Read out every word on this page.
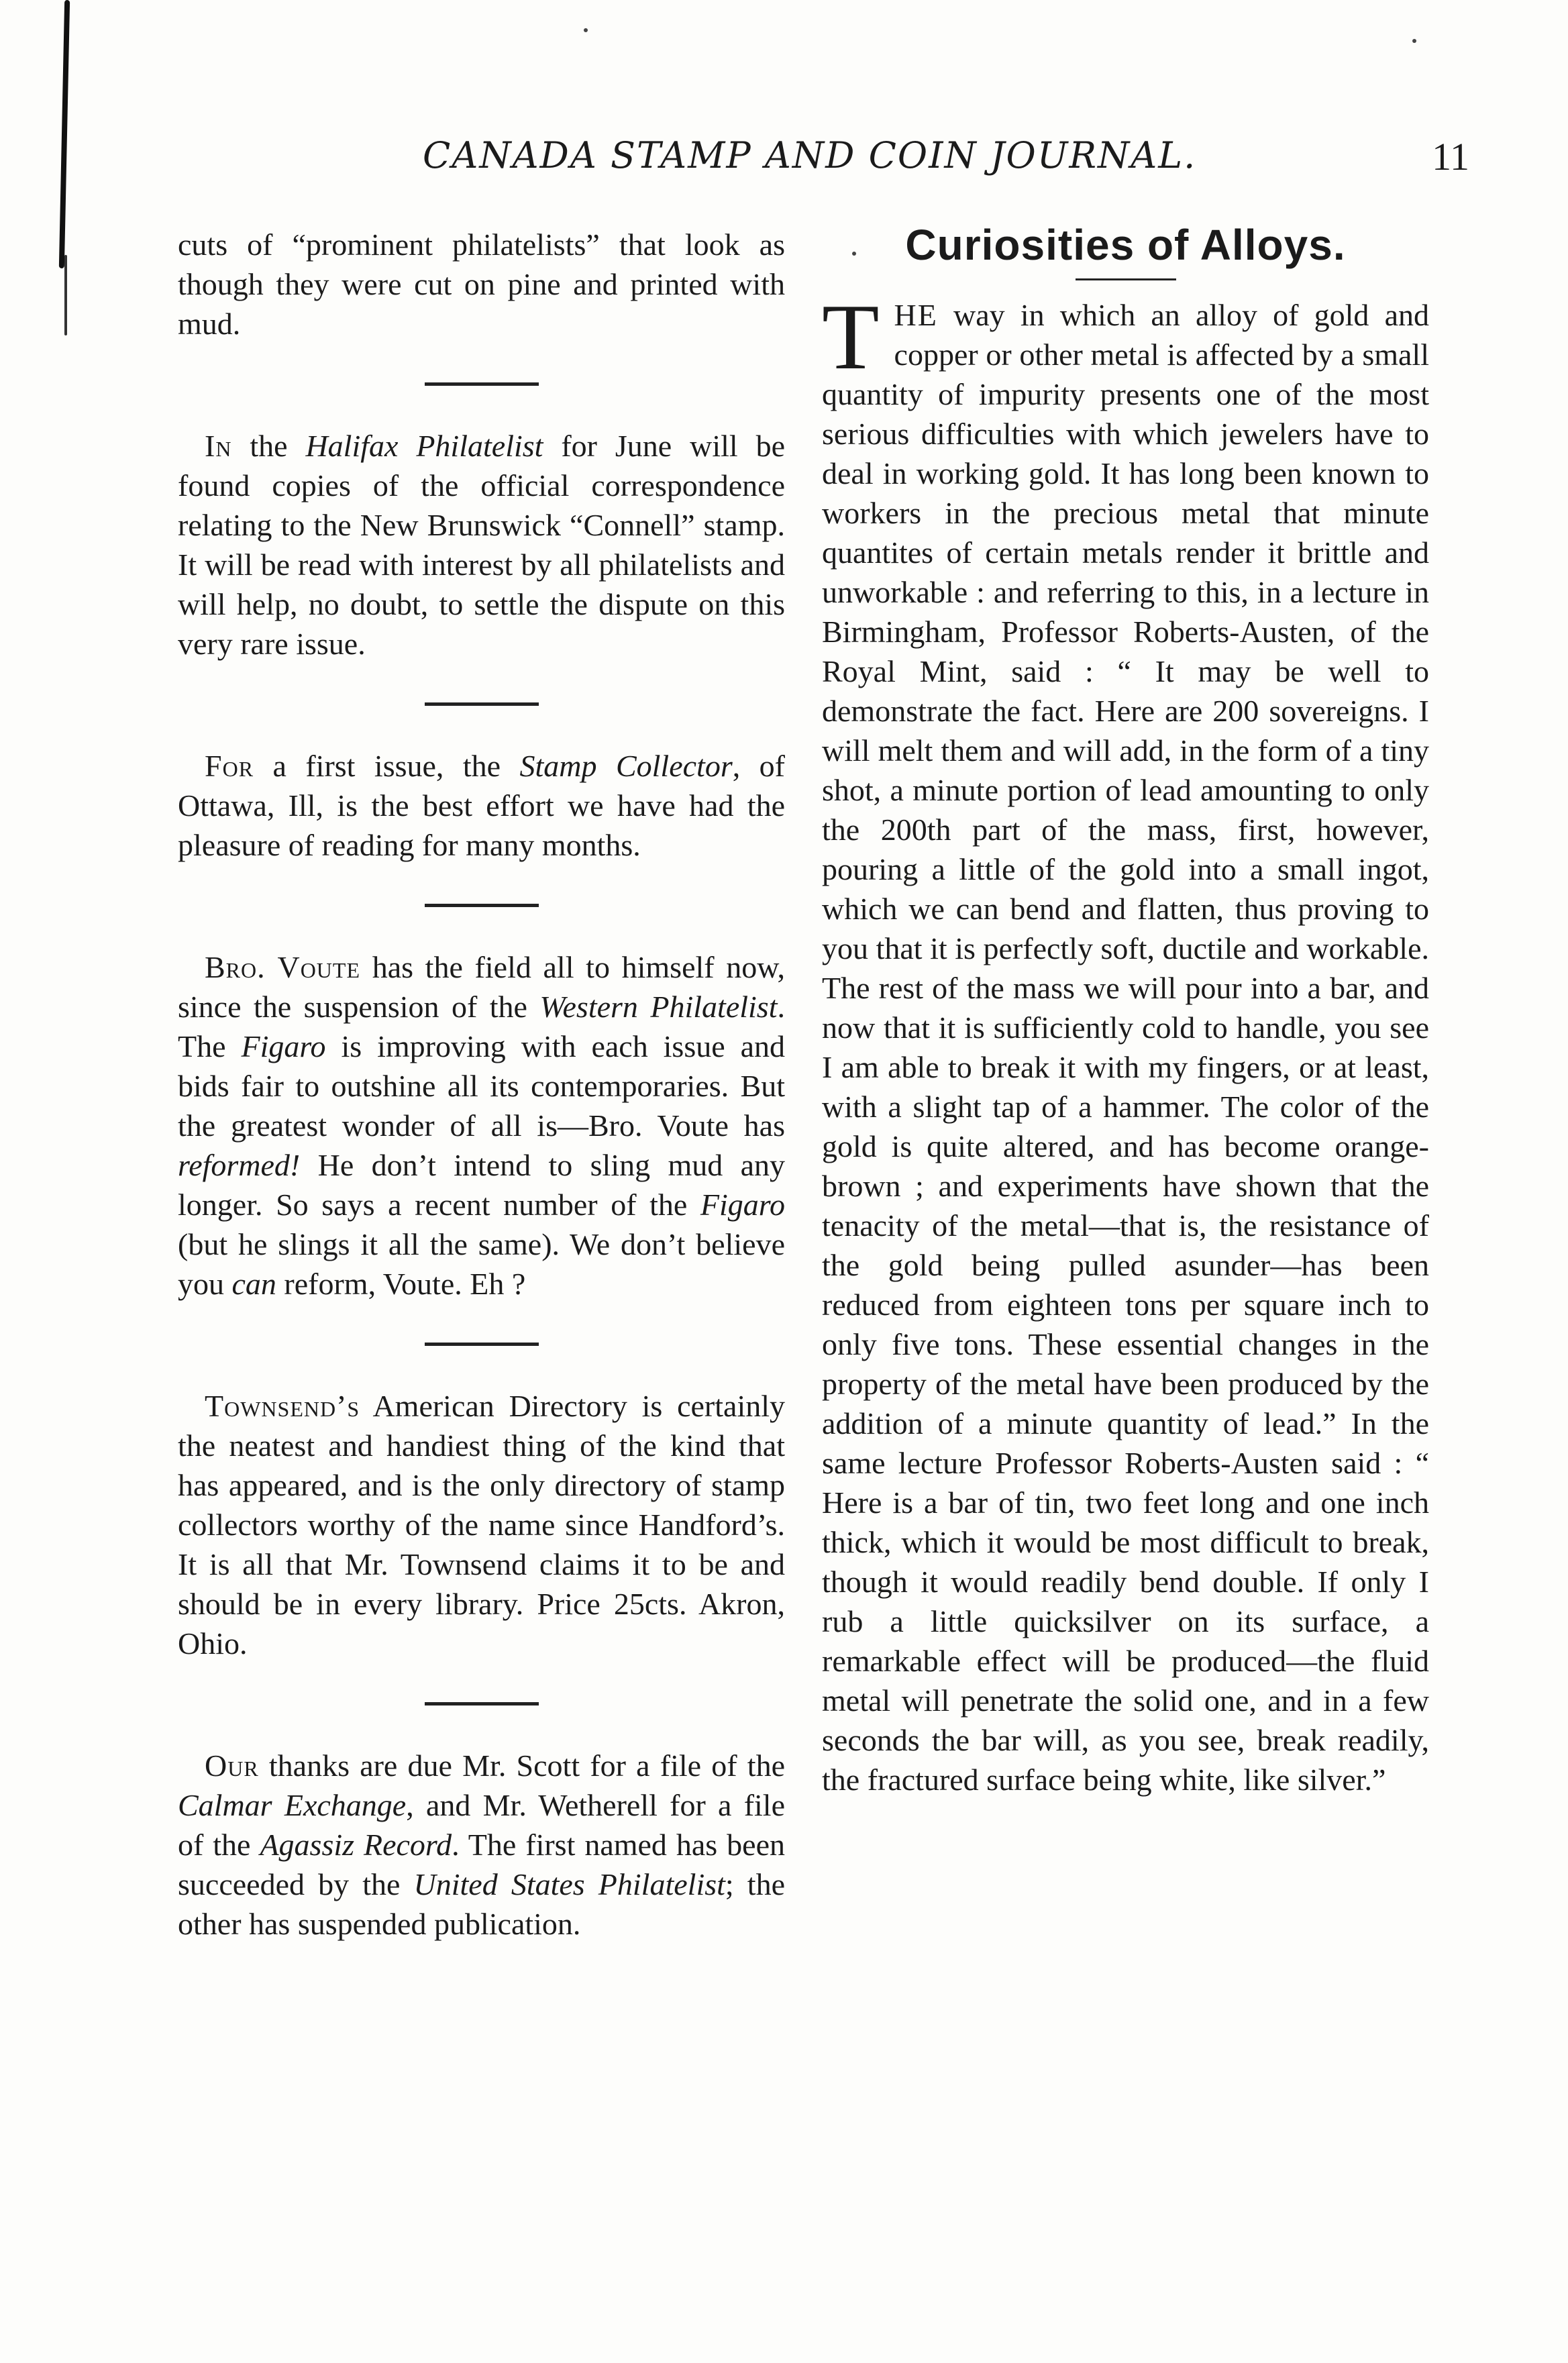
CANADA STAMP AND COIN JOURNAL.	11

cuts of “prominent philatelists” that look as though they were cut on pine and printed with mud.

In the Halifax Philatelist for June will be found copies of the official correspondence relating to the New Brunswick “Connell” stamp. It will be read with interest by all philatelists and will help, no doubt, to settle the dispute on this very rare issue.

For a first issue, the Stamp Collector, of Ottawa, Ill, is the best effort we have had the pleasure of reading for many months.

Bro. Voute has the field all to himself now, since the suspension of the Western Philatelist. The Figaro is improving with each issue and bids fair to outshine all its contemporaries. But the greatest wonder of all is—Bro. Voute has reformed! He don’t intend to sling mud any longer. So says a recent number of the Figaro (but he slings it all the same). We don’t believe you can reform, Voute. Eh ?

Townsend’s American Directory is certainly the neatest and handiest thing of the kind that has appeared, and is the only directory of stamp collectors worthy of the name since Handford’s. It is all that Mr. Townsend claims it to be and should be in every library. Price 25cts. Akron, Ohio.

Our thanks are due Mr. Scott for a file of the Calmar Exchange, and Mr. Wetherell for a file of the Agassiz Record. The first named has been succeeded by the United States Philatelist; the other has suspended publication.

Curiosities of Alloys.

THE way in which an alloy of gold and copper or other metal is affected by a small quantity of impurity presents one of the most serious difficulties with which jewelers have to deal in working gold. It has long been known to workers in the precious metal that minute quantites of certain metals render it brittle and unworkable : and referring to this, in a lecture in Birmingham, Professor Roberts-Austen, of the Royal Mint, said : “ It may be well to demonstrate the fact. Here are 200 sovereigns. I will melt them and will add, in the form of a tiny shot, a minute portion of lead amounting to only the 200th part of the mass, first, however, pouring a little of the gold into a small ingot, which we can bend and flatten, thus proving to you that it is perfectly soft, ductile and workable. The rest of the mass we will pour into a bar, and now that it is sufficiently cold to handle, you see I am able to break it with my fingers, or at least, with a slight tap of a hammer. The color of the gold is quite altered, and has become orange-brown ; and experiments have shown that the tenacity of the metal—that is, the resistance of the gold being pulled asunder—has been reduced from eighteen tons per square inch to only five tons. These essential changes in the property of the metal have been produced by the addition of a minute quantity of lead.” In the same lecture Professor Roberts-Austen said : “ Here is a bar of tin, two feet long and one inch thick, which it would be most difficult to break, though it would readily bend double. If only I rub a little quicksilver on its surface, a remarkable effect will be produced—the fluid metal will penetrate the solid one, and in a few seconds the bar will, as you see, break readily, the fractured surface being white, like silver.”
